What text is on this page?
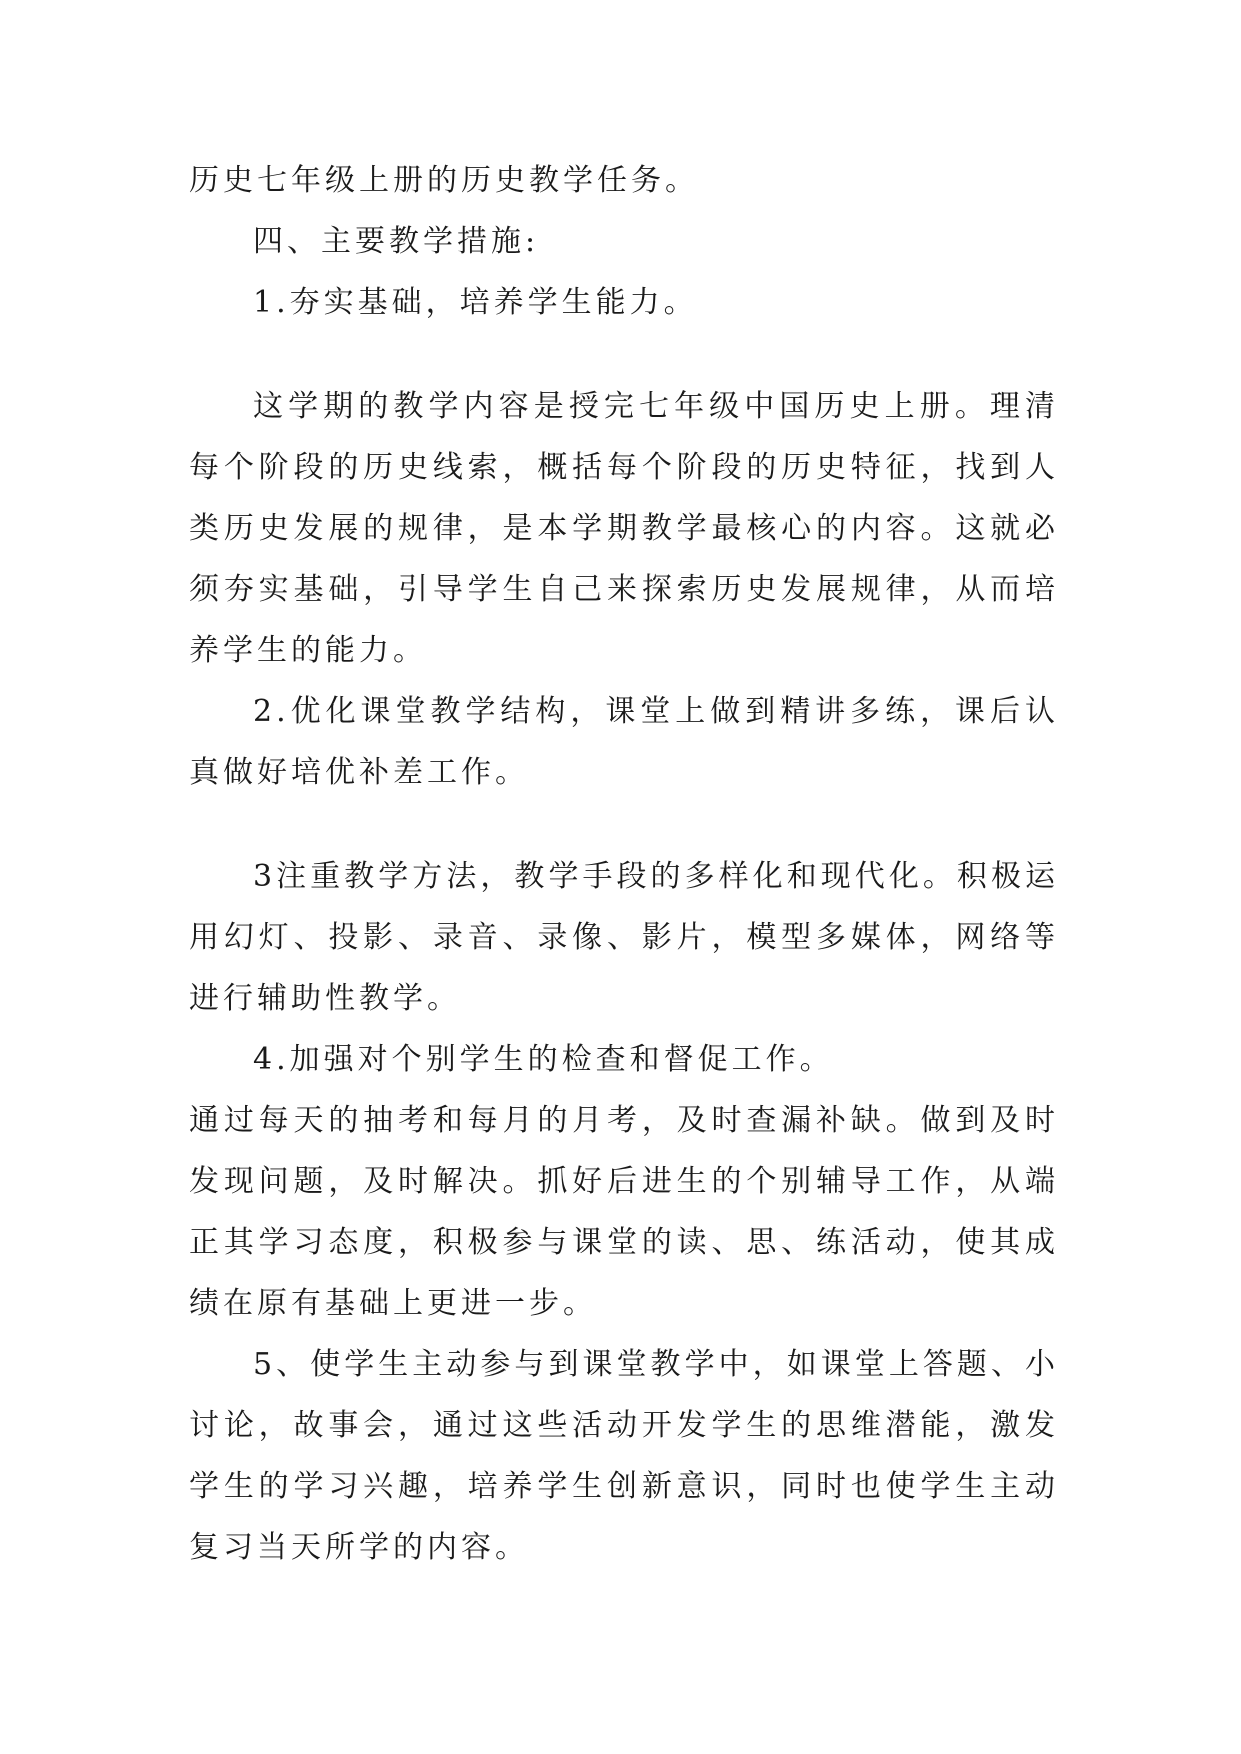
历史七年级上册的历史教学任务。

四、主要教学措施:

1.夯实基础，培养学生能力。

这学期的教学内容是授完七年级中国历史上册。理清每个阶段的历史线索，概括每个阶段的历史特征，找到人类历史发展的规律，是本学期教学最核心的内容。这就必须夯实基础，引导学生自己来探索历史发展规律，从而培养学生的能力。

2.优化课堂教学结构，课堂上做到精讲多练，课后认真做好培优补差工作。

3注重教学方法，教学手段的多样化和现代化。积极运用幻灯、投影、录音、录像、影片，模型多媒体，网络等进行辅助性教学。

4.加强对个别学生的检查和督促工作。

通过每天的抽考和每月的月考，及时查漏补缺。做到及时发现问题，及时解决。抓好后进生的个别辅导工作，从端正其学习态度，积极参与课堂的读、思、练活动，使其成绩在原有基础上更进一步。

5、使学生主动参与到课堂教学中，如课堂上答题、小讨论，故事会，通过这些活动开发学生的思维潜能，激发学生的学习兴趣，培养学生创新意识，同时也使学生主动复习当天所学的内容。
